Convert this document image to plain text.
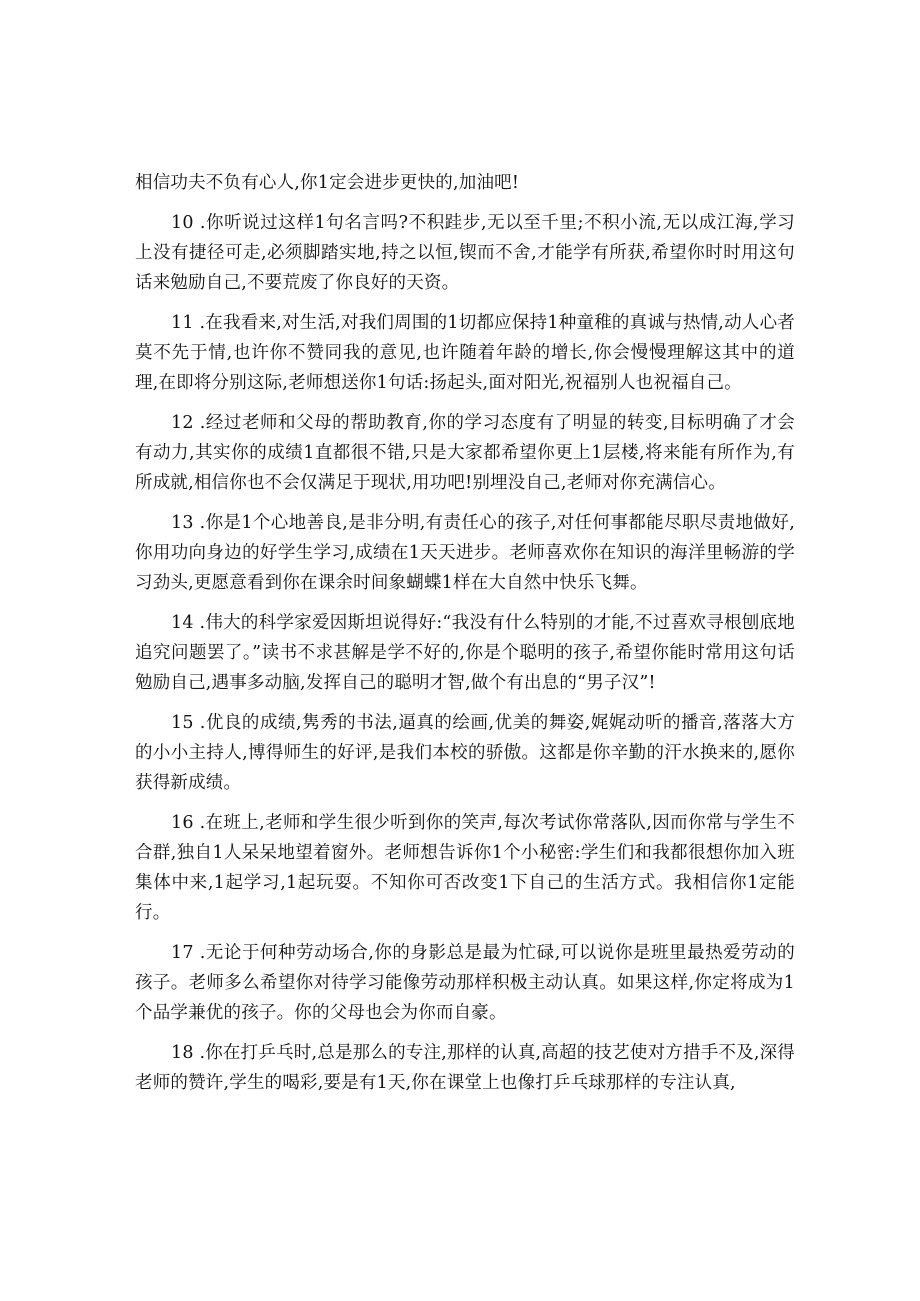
相信功夫不负有心人,你1定会进步更快的,加油吧!

10 .你听说过这样1句名言吗?不积跬步,无以至千里;不积小流,无以成江海,学习上没有捷径可走,必须脚踏实地,持之以恒,锲而不舍,才能学有所获,希望你时时用这句话来勉励自己,不要荒废了你良好的天资。

11 .在我看来,对生活,对我们周围的1切都应保持1种童稚的真诚与热情,动人心者莫不先于情,也许你不赞同我的意见,也许随着年龄的增长,你会慢慢理解这其中的道理,在即将分别这际,老师想送你1句话:扬起头,面对阳光,祝福别人也祝福自己。

12 .经过老师和父母的帮助教育,你的学习态度有了明显的转变,目标明确了才会有动力,其实你的成绩1直都很不错,只是大家都希望你更上1层楼,将来能有所作为,有所成就,相信你也不会仅满足于现状,用功吧!别埋没自己,老师对你充满信心。

13 .你是1个心地善良,是非分明,有责任心的孩子,对任何事都能尽职尽责地做好,你用功向身边的好学生学习,成绩在1天天进步。老师喜欢你在知识的海洋里畅游的学习劲头,更愿意看到你在课余时间象蝴蝶1样在大自然中快乐飞舞。

14 .伟大的科学家爱因斯坦说得好:“我没有什么特别的才能,不过喜欢寻根刨底地追究问题罢了。”读书不求甚解是学不好的,你是个聪明的孩子,希望你能时常用这句话勉励自己,遇事多动脑,发挥自己的聪明才智,做个有出息的“男子汉”!

15 .优良的成绩,隽秀的书法,逼真的绘画,优美的舞姿,娓娓动听的播音,落落大方的小小主持人,博得师生的好评,是我们本校的骄傲。这都是你辛勤的汗水换来的,愿你获得新成绩。

16 .在班上,老师和学生很少听到你的笑声,每次考试你常落队,因而你常与学生不合群,独自1人呆呆地望着窗外。老师想告诉你1个小秘密:学生们和我都很想你加入班集体中来,1起学习,1起玩耍。不知你可否改变1下自己的生活方式。我相信你1定能行。

17 .无论于何种劳动场合,你的身影总是最为忙碌,可以说你是班里最热爱劳动的孩子。老师多么希望你对待学习能像劳动那样积极主动认真。如果这样,你定将成为1个品学兼优的孩子。你的父母也会为你而自豪。

18 .你在打乒乓时,总是那么的专注,那样的认真,高超的技艺使对方措手不及,深得老师的赞许,学生的喝彩,要是有1天,你在课堂上也像打乒乓球那样的专注认真,
